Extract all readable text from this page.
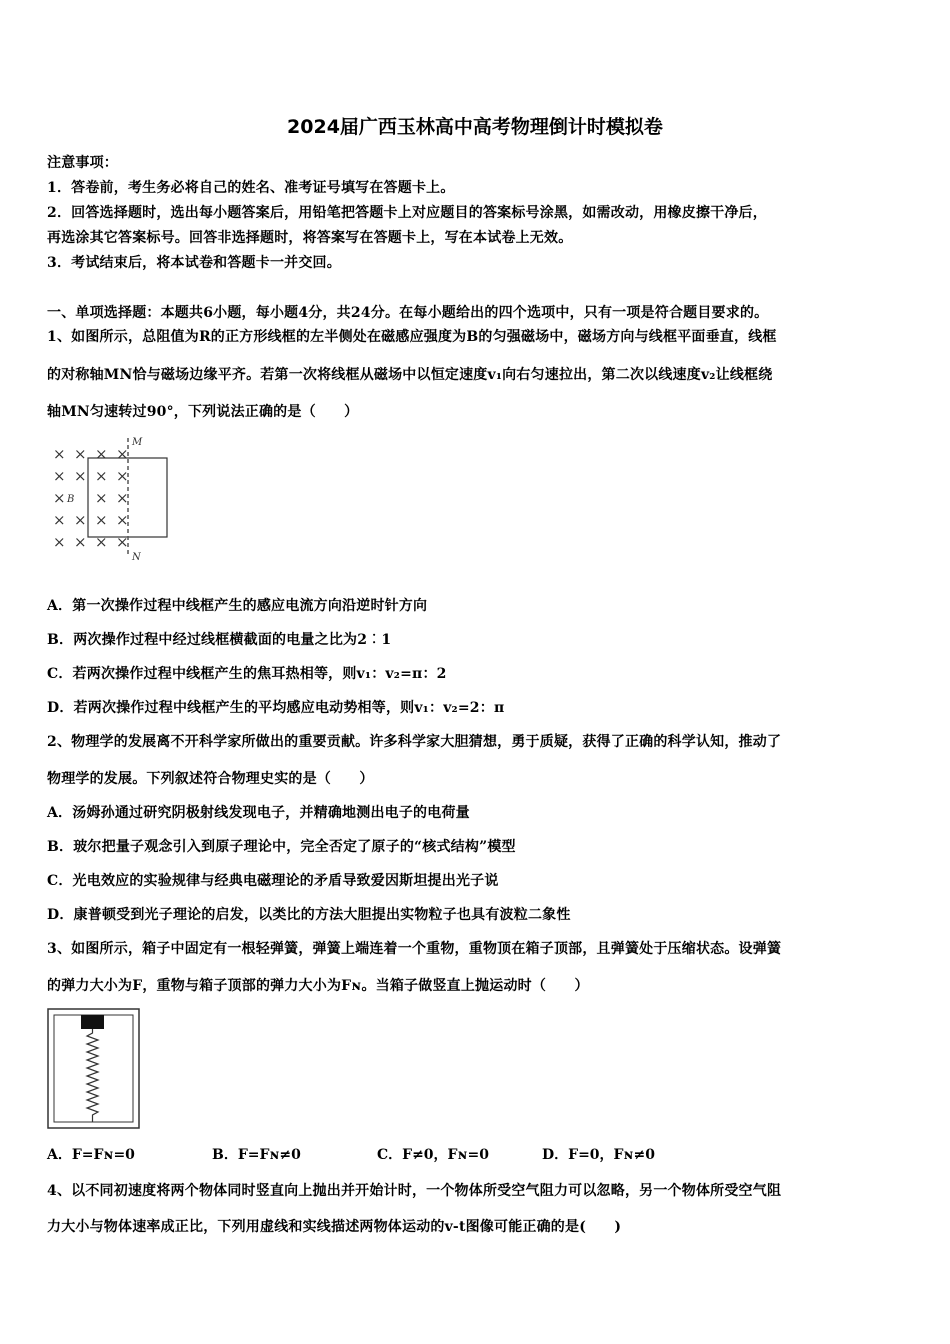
2024届广西玉林高中高考物理倒计时模拟卷
注意事项：
1．答卷前，考生务必将自己的姓名、准考证号填写在答题卡上。
2．回答选择题时，选出每小题答案后，用铅笔把答题卡上对应题目的答案标号涂黑，如需改动，用橡皮擦干净后，
再选涂其它答案标号。回答非选择题时，将答案写在答题卡上，写在本试卷上无效。
3．考试结束后，将本试卷和答题卡一并交回。
一、单项选择题：本题共6小题，每小题4分，共24分。在每小题给出的四个选项中，只有一项是符合题目要求的。
1、如图所示，总阻值为R的正方形线框的左半侧处在磁感应强度为B的匀强磁场中，磁场方向与线框平面垂直，线框
的对称轴MN恰与磁场边缘平齐。若第一次将线框从磁场中以恒定速度v₁向右匀速拉出，第二次以线速度v₂让线框绕
轴MN匀速转过90°，下列说法正确的是（　　）
× × × ×
× × × ×
× × ×
× × × ×
× × × ×
B
M
N
A．第一次操作过程中线框产生的感应电流方向沿逆时针方向
B．两次操作过程中经过线框横截面的电量之比为2︰1
C．若两次操作过程中线框产生的焦耳热相等，则v₁：v₂=π：2
D．若两次操作过程中线框产生的平均感应电动势相等，则v₁：v₂=2：π
2、物理学的发展离不开科学家所做出的重要贡献。许多科学家大胆猜想，勇于质疑，获得了正确的科学认知，推动了
物理学的发展。下列叙述符合物理史实的是（　　）
A．汤姆孙通过研究阴极射线发现电子，并精确地测出电子的电荷量
B．玻尔把量子观念引入到原子理论中，完全否定了原子的“核式结构”模型
C．光电效应的实验规律与经典电磁理论的矛盾导致爱因斯坦提出光子说
D．康普顿受到光子理论的启发，以类比的方法大胆提出实物粒子也具有波粒二象性
3、如图所示，箱子中固定有一根轻弹簧，弹簧上端连着一个重物，重物顶在箱子顶部，且弹簧处于压缩状态。设弹簧
的弹力大小为F，重物与箱子顶部的弹力大小为Fɴ。当箱子做竖直上抛运动时（　　）
A．F=Fɴ=0	B．F=Fɴ≠0	C．F≠0，Fɴ=0	D．F=0，Fɴ≠0
4、以不同初速度将两个物体同时竖直向上抛出并开始计时，一个物体所受空气阻力可以忽略，另一个物体所受空气阻
力大小与物体速率成正比，下列用虚线和实线描述两物体运动的v-t图像可能正确的是(　　)
